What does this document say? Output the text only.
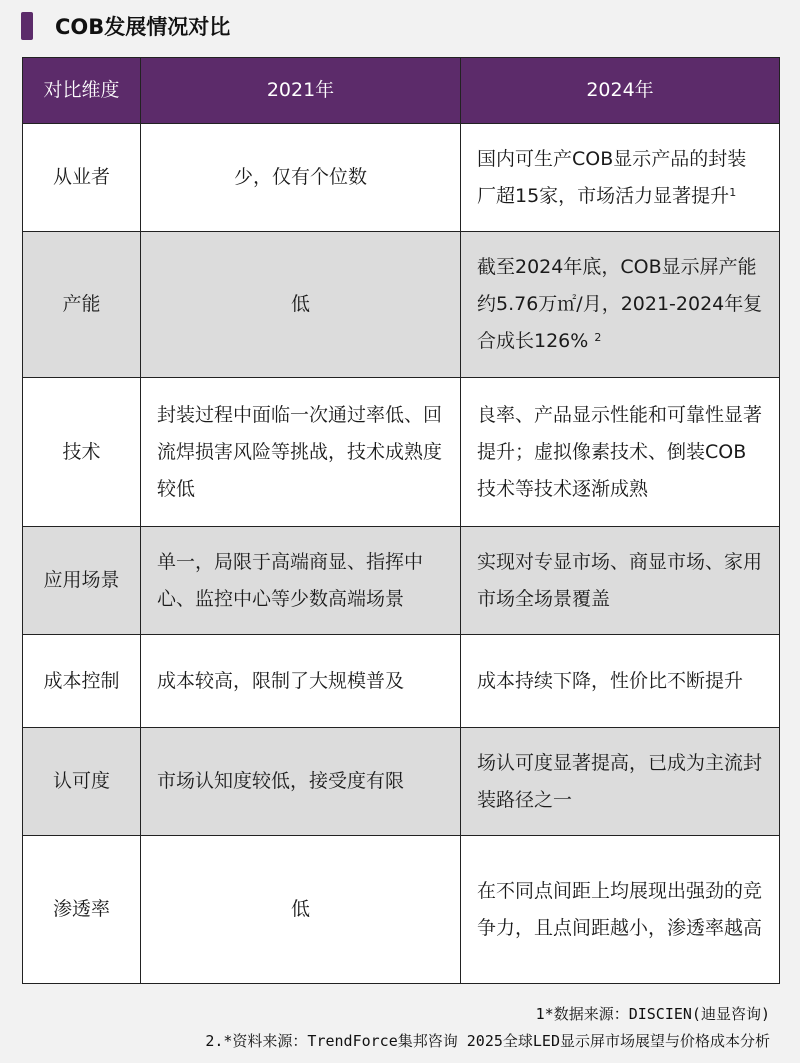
COB发展情况对比
对比维度	2021年	2024年
从业者	少，仅有个位数	国内可生产COB显示产品的封装厂超15家，市场活力显著提升$^1$
产能	低	截至2024年底，COB显示屏产能约5.76万㎡/月，2021-2024年复合成长126% $^2$
技术	封装过程中面临一次通过率低、回流焊损害风险等挑战，技术成熟度较低	良率、产品显示性能和可靠性显著提升；虚拟像素技术、倒装COB技术等技术逐渐成熟
应用场景	单一，局限于高端商显、指挥中心、监控中心等少数高端场景	实现对专显市场、商显市场、家用市场全场景覆盖
成本控制	成本较高，限制了大规模普及	成本持续下降，性价比不断提升
认可度	市场认知度较低，接受度有限	场认可度显著提高，已成为主流封装路径之一
渗透率	低	在不同点间距上均展现出强劲的竞争力，且点间距越小，渗透率越高
1*数据来源：DISCIEN(迪显咨询)
2.*资料来源：TrendForce集邦咨询 2025全球LED显示屏市场展望与价格成本分析
